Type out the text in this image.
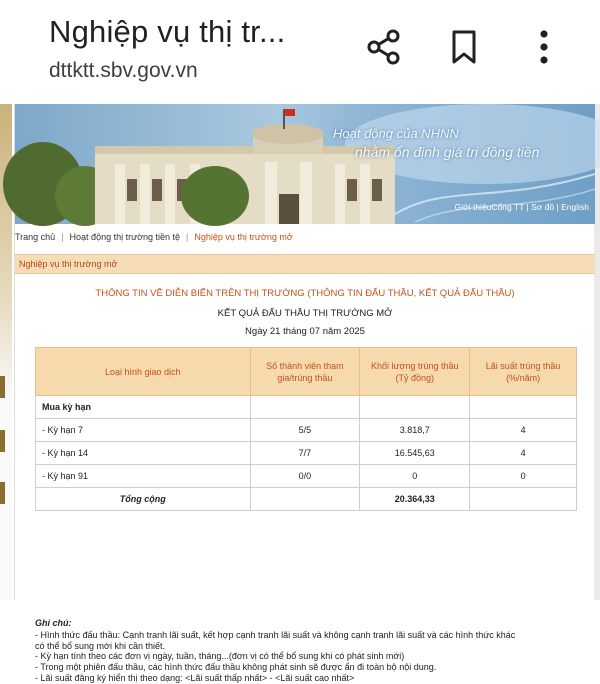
Nghiệp vụ thị tr...
dttktt.sbv.gov.vn
Hoạt động của NHNN
nhằm ổn định giá trị đồng tiền
Giới thiệuCổng TT | Sơ đồ | English
Trang chủ | Hoạt động thị trường tiền tệ | Nghiệp vụ thị trường mở
Nghiệp vụ thị trường mở
THÔNG TIN VỀ DIỄN BIẾN TRÊN THỊ TRƯỜNG (THÔNG TIN ĐẤU THẦU, KẾT QUẢ ĐẤU THẦU)
KẾT QUẢ ĐẤU THẦU THỊ TRƯỜNG MỞ
Ngày 21 tháng 07 năm 2025
Loại hình giao dịch	Số thành viên tham gia/trúng thầu	Khối lượng trúng thầu (Tỷ đồng)	Lãi suất trúng thầu (%/năm)
Mua kỳ hạn			
- Kỳ hạn 7	5/5	3.818,7	4
- Kỳ hạn 14	7/7	16.545,63	4
- Kỳ hạn 91	0/0	0	0
Tổng cộng		20.364,33	
Ghi chú:
- Hình thức đấu thầu: Cạnh tranh lãi suất, kết hợp cạnh tranh lãi suất và không cạnh tranh lãi suất và các hình thức khác
có thể bổ sung mới khi cần thiết.
- Kỳ hạn tính theo các đơn vị ngày, tuần, tháng...(đơn vị có thể bổ sung khi có phát sinh mới)
- Trong một phiên đấu thầu, các hình thức đấu thầu không phát sinh sẽ được ẩn đi toàn bộ nội dung.
- Lãi suất đăng ký hiển thị theo dạng: <Lãi suất thấp nhất> - <Lãi suất cao nhất>
